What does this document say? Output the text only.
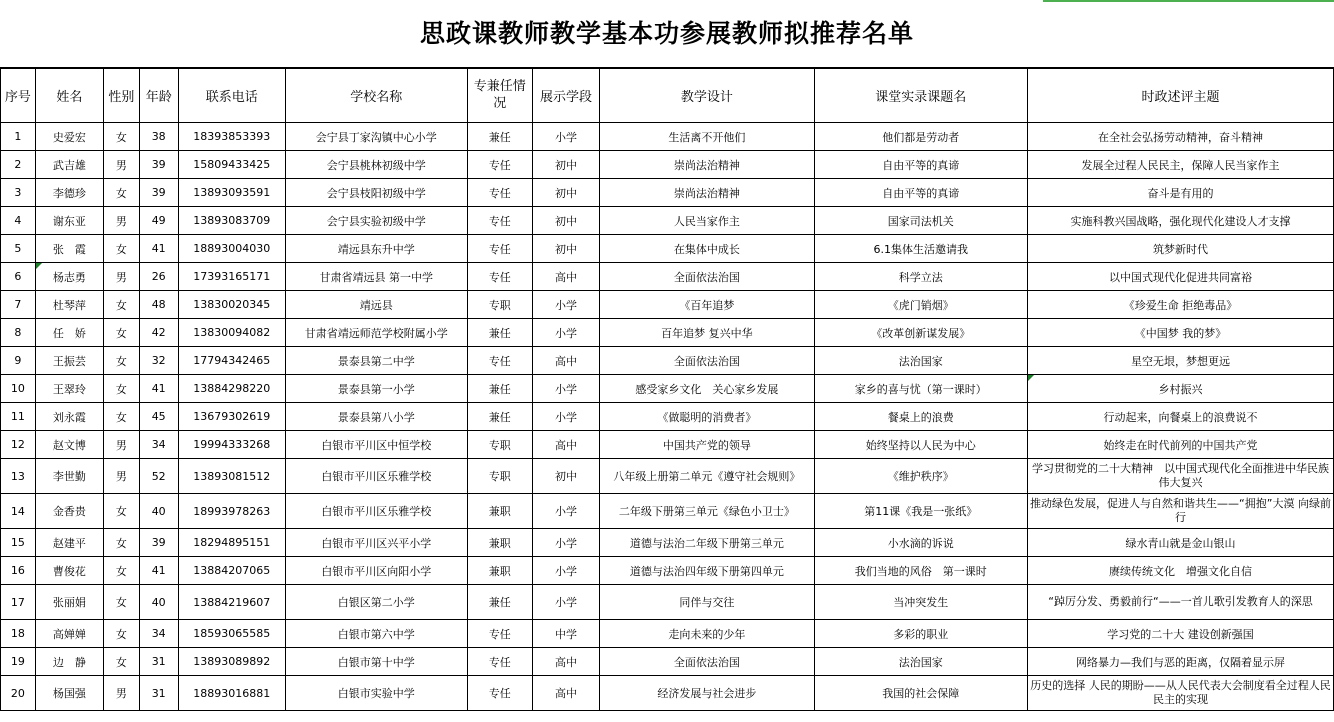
思政课教师教学基本功参展教师拟推荐名单
序号	姓名	性别	年龄	联系电话	学校名称	专兼任情况	展示学段	教学设计	课堂实录课题名	时政述评主题
1	史爱宏	女	38	18393853393	会宁县丁家沟镇中心小学	兼任	小学	生活离不开他们	他们都是劳动者	在全社会弘扬劳动精神，奋斗精神
2	武吉雄	男	39	15809433425	会宁县桃林初级中学	专任	初中	崇尚法治精神	自由平等的真谛	发展全过程人民民主，保障人民当家作主
3	李德珍	女	39	13893093591	会宁县枝阳初级中学	专任	初中	崇尚法治精神	自由平等的真谛	奋斗是有用的
4	谢东亚	男	49	13893083709	会宁县实验初级中学	专任	初中	人民当家作主	国家司法机关	实施科教兴国战略，强化现代化建设人才支撑
5	张　霞	女	41	18893004030	靖远县东升中学	专任	初中	在集体中成长	6.1集体生活邀请我	筑梦新时代
6	杨志勇	男	26	17393165171	甘肃省靖远县 第一中学	专任	高中	全面依法治国	科学立法	以中国式现代化促进共同富裕
7	杜琴萍	女	48	13830020345	靖远县	专职	小学	《百年追梦	《虎门销烟》	《珍爱生命 拒绝毒品》
8	任　娇	女	42	13830094082	甘肃省靖远师范学校附属小学	兼任	小学	百年追梦 复兴中华	《改革创新谋发展》	《中国梦 我的梦》
9	王振芸	女	32	17794342465	景泰县第二中学	专任	高中	全面依法治国	法治国家	星空无垠，梦想更远
10	王翠玲	女	41	13884298220	景泰县第一小学	兼任	小学	感受家乡文化　关心家乡发展	家乡的喜与忧（第一课时）	乡村振兴
11	刘永霞	女	45	13679302619	景泰县第八小学	兼任	小学	《做聪明的消费者》	餐桌上的浪费	行动起来，向餐桌上的浪费说不
12	赵文博	男	34	19994333268	白银市平川区中恒学校	专职	高中	中国共产党的领导	始终坚持以人民为中心	始终走在时代前列的中国共产党
13	李世勤	男	52	13893081512	白银市平川区乐雅学校	专职	初中	八年级上册第二单元《遵守社会规则》	《维护秩序》	学习贯彻党的二十大精神　以中国式现代化全面推进中华民族伟大复兴
14	金香贵	女	40	18993978263	白银市平川区乐雅学校	兼职	小学	二年级下册第三单元《绿色小卫士》	第11课《我是一张纸》	推动绿色发展，促进人与自然和谐共生——“拥抱”大漠 向绿前行
15	赵建平	女	39	18294895151	白银市平川区兴平小学	兼职	小学	道德与法治二年级下册第三单元	小水滴的诉说	绿水青山就是金山银山
16	曹俊花	女	41	13884207065	白银市平川区向阳小学	兼职	小学	道德与法治四年级下册第四单元	我们当地的风俗　第一课时	赓续传统文化　增强文化自信
17	张丽娟	女	40	13884219607	白银区第二小学	兼任	小学	同伴与交往	当冲突发生	“踔厉分发、勇毅前行“——一首儿歌引发教育人的深思
18	高婵婵	女	34	18593065585	白银市第六中学	专任	中学	走向未来的少年	多彩的职业	学习党的二十大 建设创新强国
19	边　静	女	31	13893089892	白银市第十中学	专任	高中	全面依法治国	法治国家	网络暴力—我们与恶的距离，仅隔着显示屏
20	杨国强	男	31	18893016881	白银市实验中学	专任	高中	经济发展与社会进步	我国的社会保障	历史的选择 人民的期盼——从人民代表大会制度看全过程人民民主的实现
